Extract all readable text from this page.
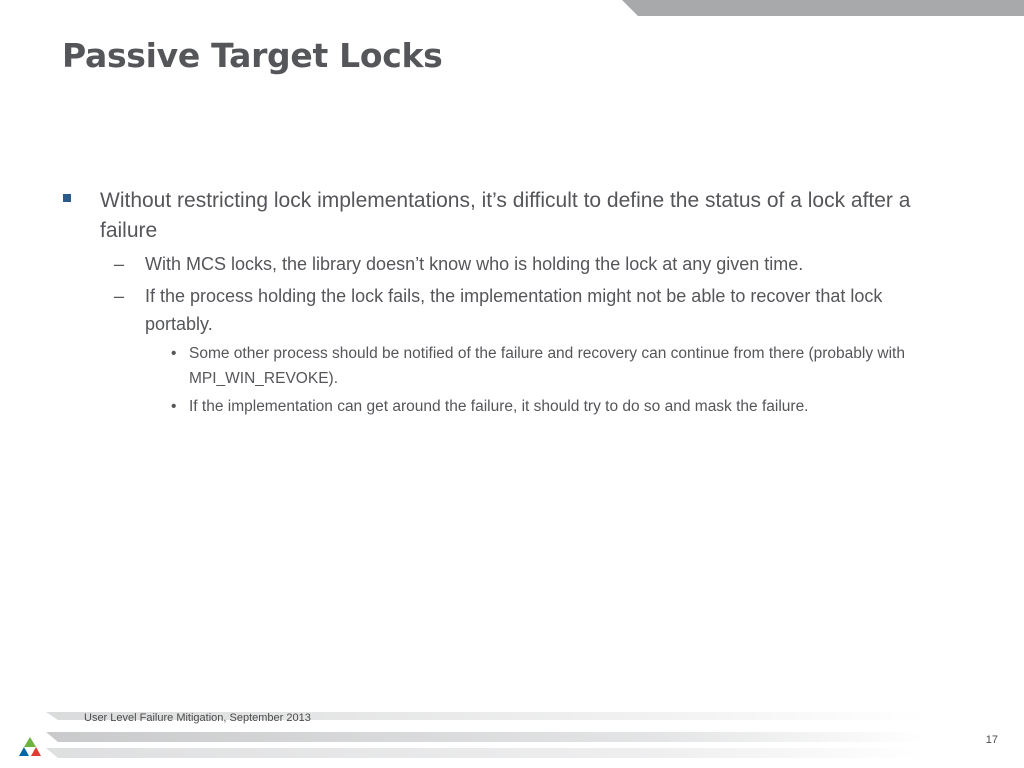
Passive Target Locks
Without restricting lock implementations, it’s difficult to define the status of a lock after a failure
– With MCS locks, the library doesn’t know who is holding the lock at any given time.
– If the process holding the lock fails, the implementation might not be able to recover that lock portably.
• Some other process should be notified of the failure and recovery can continue from there (probably with MPI_WIN_REVOKE).
• If the implementation can get around the failure, it should try to do so and mask the failure.
User Level Failure Mitigation, September 2013
17
